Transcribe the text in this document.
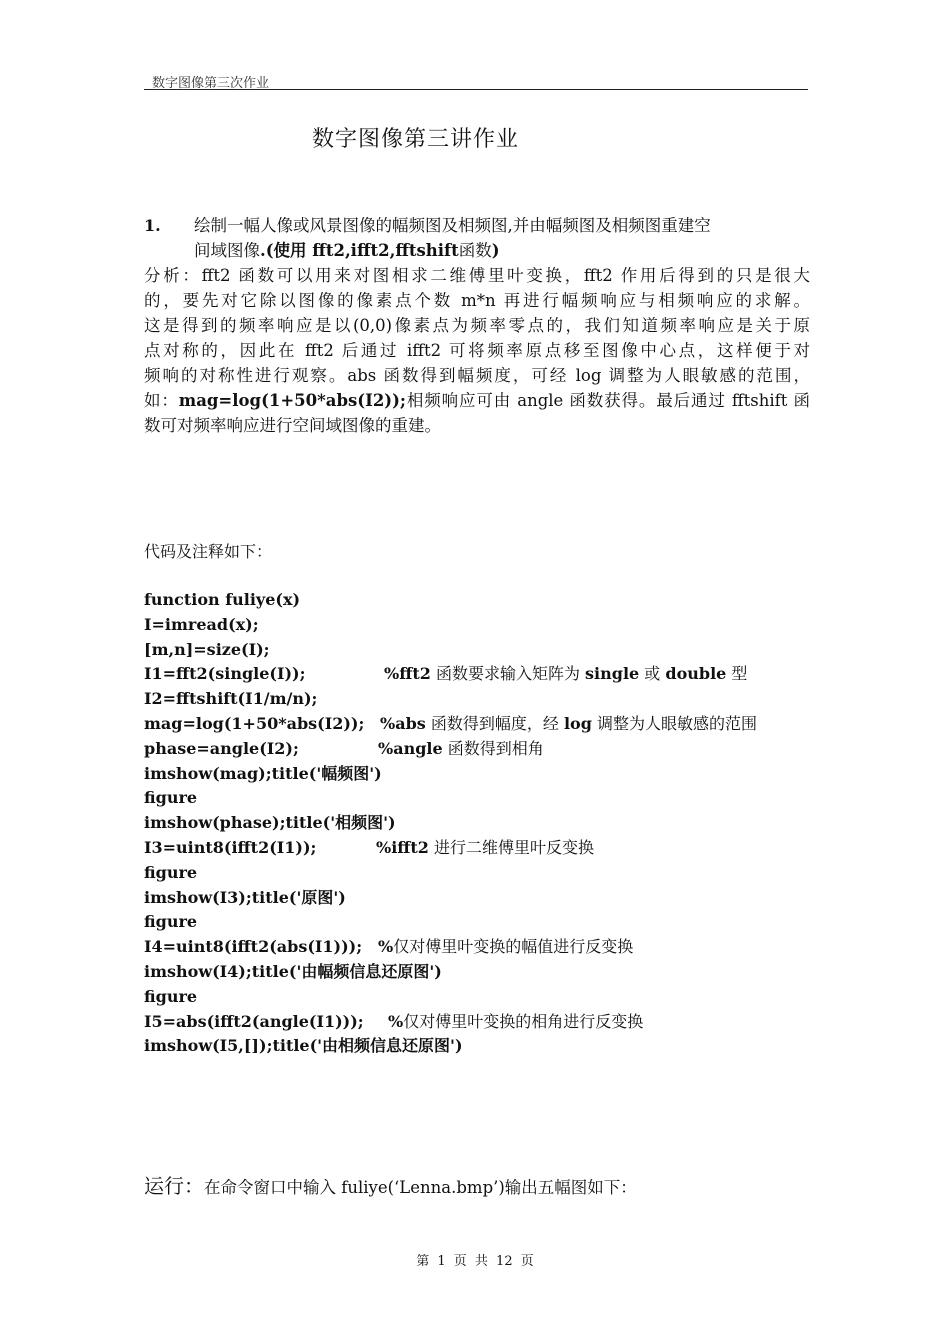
数字图像第三次作业
数字图像第三讲作业
1. 绘制一幅人像或风景图像的幅频图及相频图,并由幅频图及相频图重建空
间域图像.(使用 fft2,ifft2,fftshift函数)
分析：fft2 函数可以用来对图相求二维傅里叶变换，fft2 作用后得到的只是很大
的，要先对它除以图像的像素点个数 m*n 再进行幅频响应与相频响应的求解。
这是得到的频率响应是以(0,0)像素点为频率零点的，我们知道频率响应是关于原
点对称的，因此在 fft2 后通过 ifft2 可将频率原点移至图像中心点，这样便于对
频响的对称性进行观察。abs 函数得到幅频度，可经 log 调整为人眼敏感的范围，
如：mag=log(1+50*abs(I2));相频响应可由 angle 函数获得。最后通过 fftshift 函
数可对频率响应进行空间域图像的重建。
代码及注释如下：
function fuliye(x)
I=imread(x);
[m,n]=size(I);
I1=fft2(single(I));	%fft2 函数要求输入矩阵为 single 或 double 型
I2=fftshift(I1/m/n);
mag=log(1+50*abs(I2)); %abs 函数得到幅度，经 log 调整为人眼敏感的范围
phase=angle(I2);	%angle 函数得到相角
imshow(mag);title('幅频图')
figure
imshow(phase);title('相频图')
I3=uint8(ifft2(I1));	%ifft2 进行二维傅里叶反变换
figure
imshow(I3);title('原图')
figure
I4=uint8(ifft2(abs(I1))); %仅对傅里叶变换的幅值进行反变换
imshow(I4);title('由幅频信息还原图')
figure
I5=abs(ifft2(angle(I1))); %仅对傅里叶变换的相角进行反变换
imshow(I5,[]);title('由相频信息还原图')
运行：在命令窗口中输入 fuliye(‘Lenna.bmp’)输出五幅图如下：
第 1 页 共 12 页
